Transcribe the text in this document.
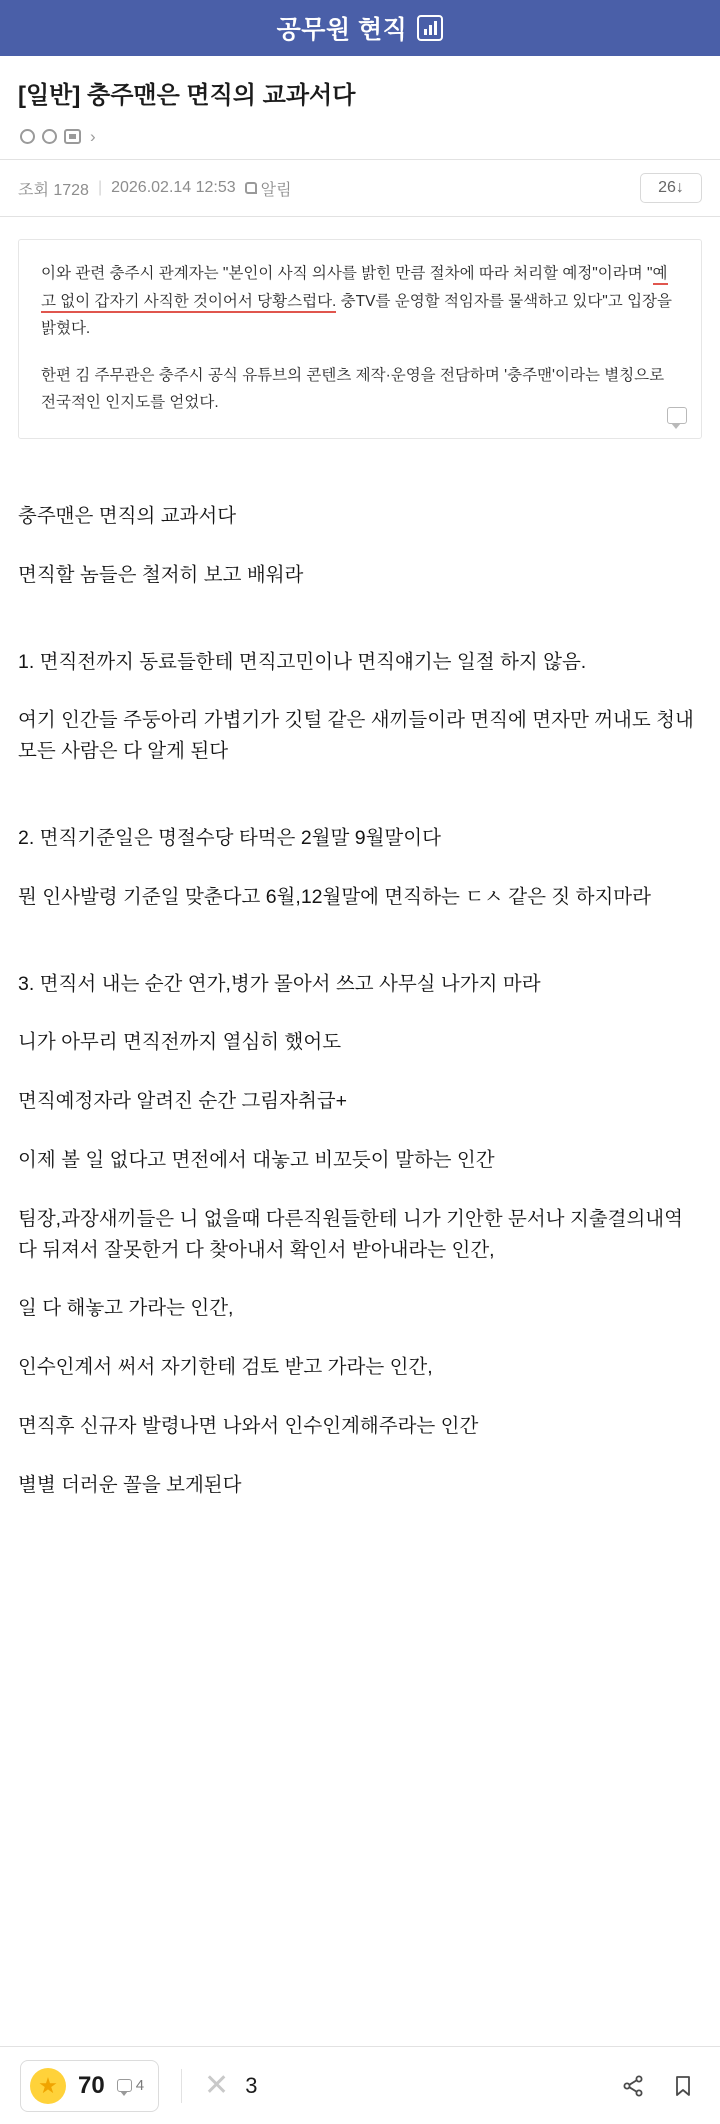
공무원 현직
[일반] 충주맨은 면직의 교과서다
›
조회 1728 | 2026.02.14 12:53 알림	26↓

이와 관련 충주시 관계자는 "본인이 사직 의사를 밝힌 만큼 절차에 따라 처리할 예정"이라며 "예고 없이 갑자기 사직한 것이어서 당황스럽다. 충TV를 운영할 적임자를 물색하고 있다"고 입장을 밝혔다.

한편 김 주무관은 충주시 공식 유튜브의 콘텐츠 제작·운영을 전담하며 '충주맨'이라는 별칭으로 전국적인 인지도를 얻었다.

충주맨은 면직의 교과서다

면직할 놈들은 철저히 보고 배워라

1. 면직전까지 동료들한테 면직고민이나 면직얘기는 일절 하지 않음.

여기 인간들 주둥아리 가볍기가 깃털 같은 새끼들이라 면직에 면자만 꺼내도 청내 모든 사람은 다 알게 된다

2. 면직기준일은 명절수당 타먹은 2월말 9월말이다

뭔 인사발령 기준일 맞춘다고 6월,12월말에 면직하는 ㄷㅅ 같은 짓 하지마라

3. 면직서 내는 순간 연가,병가 몰아서 쓰고 사무실 나가지 마라

니가 아무리 면직전까지 열심히 했어도

면직예정자라 알려진 순간 그림자취급+

이제 볼 일 없다고 면전에서 대놓고 비꼬듯이 말하는 인간

팀장,과장새끼들은 니 없을때 다른직원들한테 니가 기안한 문서나 지출결의내역 다 뒤져서 잘못한거 다 찾아내서 확인서 받아내라는 인간,

일 다 해놓고 가라는 인간,

인수인계서 써서 자기한테 검토 받고 가라는 인간,

면직후 신규자 발령나면 나와서 인수인계해주라는 인간

별별 더러운 꼴을 보게된다

★ 70 4 ✕ 3
